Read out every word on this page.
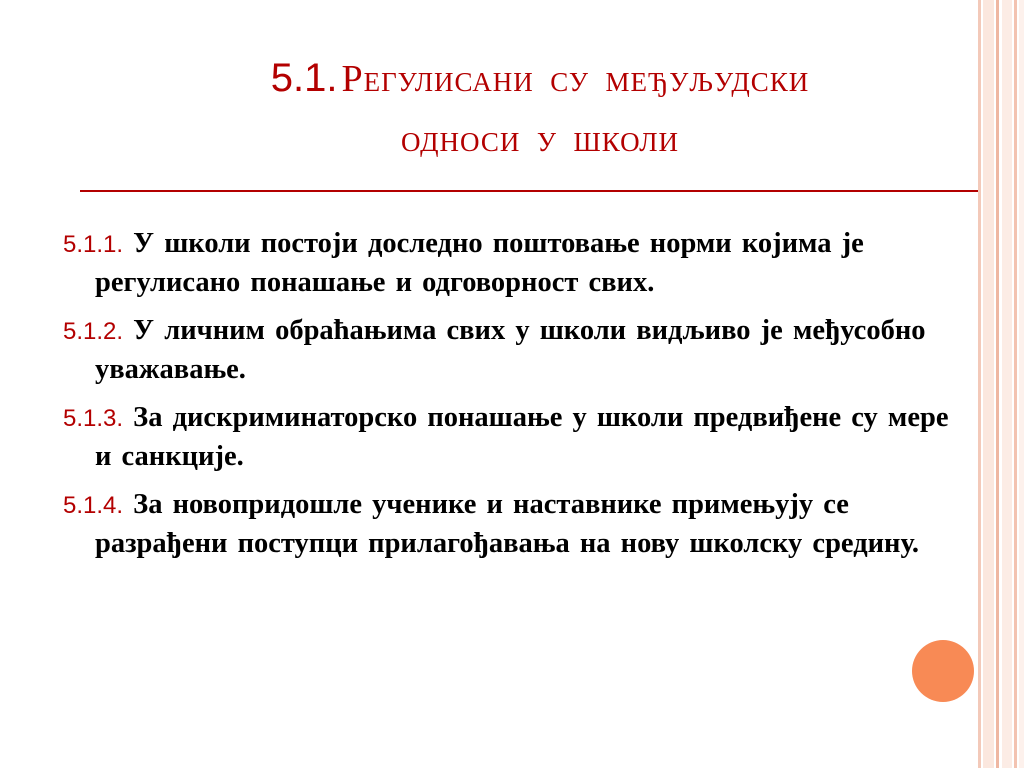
5.1. Регулисани су међуљудски
односи у школи
5.1.1. У школи постоји доследно поштовање норми којима је регулисано понашање и одговорност свих.
5.1.2. У личним обраћањима свих у школи видљиво је међусобно уважавање.
5.1.3. За дискриминаторско понашање у школи предвиђене су мере и санкције.
5.1.4. За новопридошле ученике и наставнике примењују се разрађени поступци прилагођавања на нову школску средину.
